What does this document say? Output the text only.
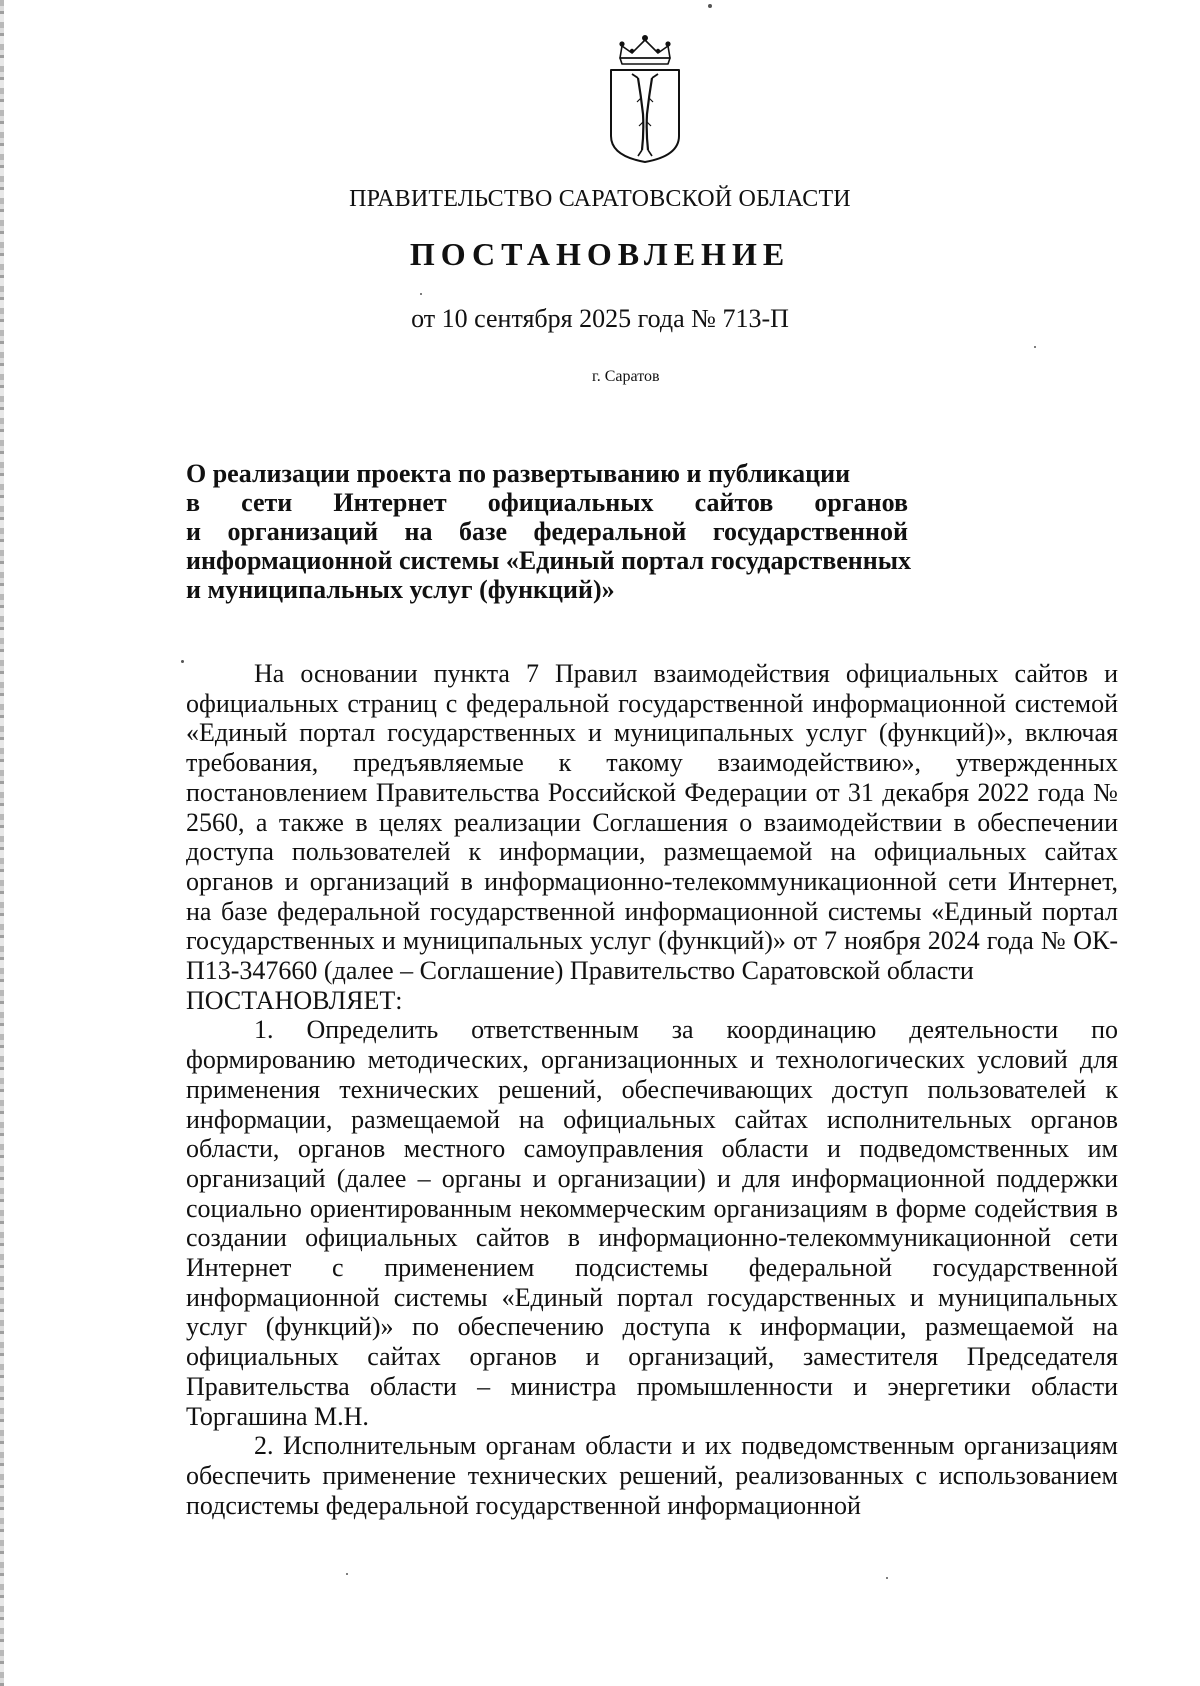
ПРАВИТЕЛЬСТВО САРАТОВСКОЙ ОБЛАСТИ
ПОСТАНОВЛЕНИЕ
от 10 сентября 2025 года № 713-П
г. Саратов
О реализации проекта по развертыванию и публикации
в сети Интернет официальных сайтов органов
и организаций на базе федеральной государственной
информационной системы «Единый портал государственных
и муниципальных услуг (функций)»

На основании пункта 7 Правил взаимодействия официальных сайтов и официальных страниц с федеральной государственной информационной системой «Единый портал государственных и муниципальных услуг (функций)», включая требования, предъявляемые к такому взаимодействию», утвержденных постановлением Правительства Российской Федерации от 31 декабря 2022 года № 2560, а также в целях реализации Соглашения о взаимодействии в обеспечении доступа пользователей к информации, размещаемой на официальных сайтах органов и организаций в информационно-телекоммуникационной сети Интернет, на базе федеральной государственной информационной системы «Единый портал государственных и муниципальных услуг (функций)» от 7 ноября 2024 года № ОК-П13-347660 (далее – Соглашение) Правительство Саратовской области

ПОСТАНОВЛЯЕТ:

1. Определить ответственным за координацию деятельности по формированию методических, организационных и технологических условий для применения технических решений, обеспечивающих доступ пользователей к информации, размещаемой на официальных сайтах исполнительных органов области, органов местного самоуправления области и подведомственных им организаций (далее – органы и организации) и для информационной поддержки социально ориентированным некоммерческим организациям в форме содействия в создании официальных сайтов в информационно-телекоммуникационной сети Интернет с применением подсистемы федеральной государственной информационной системы «Единый портал государственных и муниципальных услуг (функций)» по обеспечению доступа к информации, размещаемой на официальных сайтах органов и организаций, заместителя Председателя Правительства области – министра промышленности и энергетики области Торгашина М.Н.

2. Исполнительным органам области и их подведомственным организациям обеспечить применение технических решений, реализованных с использованием подсистемы федеральной государственной информационной
